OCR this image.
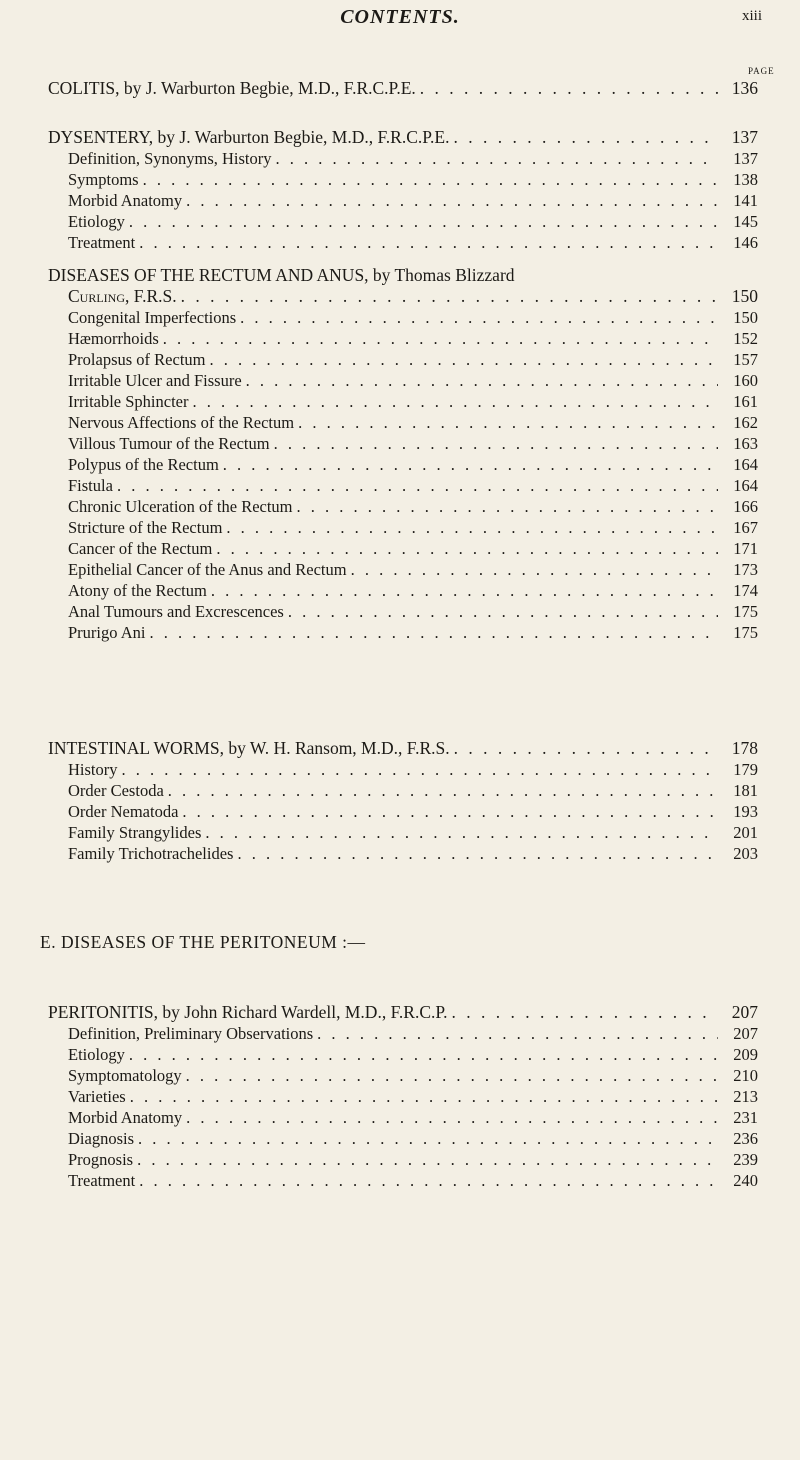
CONTENTS.	xiii
PAGE
COLITIS, by J. Warburton Begbie, M.D., F.R.C.P.E. . . .	136
DYSENTERY, by J. Warburton Begbie, M.D., F.R.C.P.E. . . .	137
Definition, Synonyms, History . . .	137
Symptoms . . .	138
Morbid Anatomy . . .	141
Etiology . . .	145
Treatment . . .	146
DISEASES OF THE RECTUM AND ANUS, by Thomas Blizzard
Curling, F.R.S. . . .	150
Congenital Imperfections . . .	150
Hæmorrhoids . . .	152
Prolapsus of Rectum . . .	157
Irritable Ulcer and Fissure . . .	160
Irritable Sphincter . . .	161
Nervous Affections of the Rectum . . .	162
Villous Tumour of the Rectum . . .	163
Polypus of the Rectum . . .	164
Fistula . . .	164
Chronic Ulceration of the Rectum . . .	166
Stricture of the Rectum . . .	167
Cancer of the Rectum . . .	171
Epithelial Cancer of the Anus and Rectum . . .	173
Atony of the Rectum . . .	174
Anal Tumours and Excrescences . . .	175
Prurigo Ani . . .	175
INTESTINAL WORMS, by W. H. Ransom, M.D., F.R.S. . . .	178
History . . .	179
Order Cestoda . . .	181
Order Nematoda . . .	193
Family Strangylides . . .	201
Family Trichotrachelides . . .	203
E. DISEASES OF THE PERITONEUM :—
PERITONITIS, by John Richard Wardell, M.D., F.R.C.P. . . .	207
Definition, Preliminary Observations . . .	207
Etiology . . .	209
Symptomatology . . .	210
Varieties . . .	213
Morbid Anatomy . . .	231
Diagnosis . . .	236
Prognosis . . .	239
Treatment . . .	240
